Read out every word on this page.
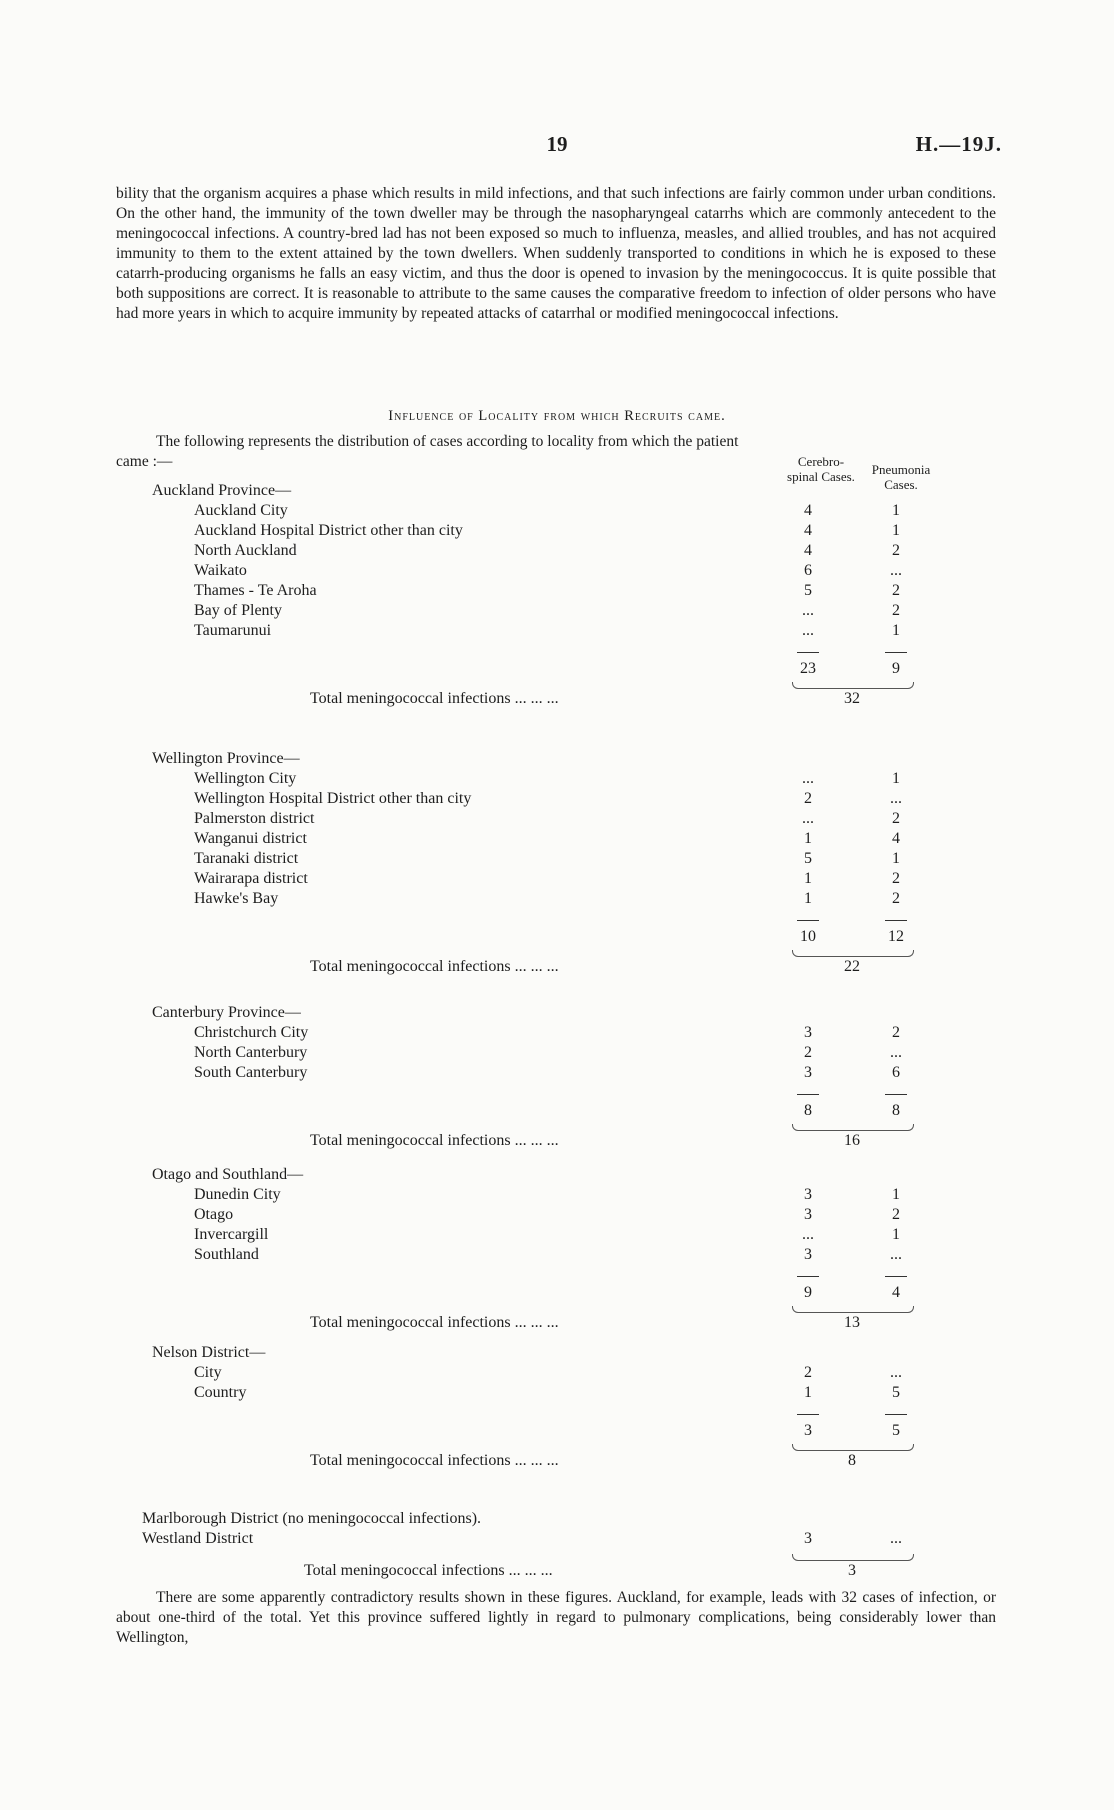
19	H.—19J.

bility that the organism acquires a phase which results in mild infections, and that such infections are fairly common under urban conditions. On the other hand, the immunity of the town dweller may be through the nasopharyngeal catarrhs which are commonly antecedent to the meningococcal infections. A country-bred lad has not been exposed so much to influenza, measles, and allied troubles, and has not acquired immunity to them to the extent attained by the town dwellers. When suddenly transported to conditions in which he is exposed to these catarrh-producing organisms he falls an easy victim, and thus the door is opened to invasion by the meningococcus. It is quite possible that both suppositions are correct. It is reasonable to attribute to the same causes the comparative freedom to infection of older persons who have had more years in which to acquire immunity by repeated attacks of catarrhal or modified meningococcal infections.

Influence of Locality from which Recruits came.
The following represents the distribution of cases according to locality from which the patient
came :—	Cerebro-spinal Cases.	Pneumonia Cases.
Auckland Province—
Auckland City	4	1
Auckland Hospital District other than city	4	1
North Auckland	4	2
Waikato	6	...
Thames - Te Aroha	5	2
Bay of Plenty	...	2
Taumarunui	...	1
23	9
Total meningococcal infections ... ... ...	32
Wellington Province—
Wellington City	...	1
Wellington Hospital District other than city	2	...
Palmerston district	...	2
Wanganui district	1	4
Taranaki district	5	1
Wairarapa district	1	2
Hawke's Bay	1	2
10	12
Total meningococcal infections ... ... ...	22
Canterbury Province—
Christchurch City	3	2
North Canterbury	2	...
South Canterbury	3	6
8	8
Total meningococcal infections ... ... ...	16
Otago and Southland—
Dunedin City	3	1
Otago	3	2
Invercargill	...	1
Southland	3	...
9	4
Total meningococcal infections ... ... ...	13
Nelson District—
City	2	...
Country	1	5
3	5
Total meningococcal infections ... ... ...	8
Westland District	3	...
Total meningococcal infections ... ... ...	3
Marlborough District (no meningococcal infections).

There are some apparently contradictory results shown in these figures. Auckland, for example, leads with 32 cases of infection, or about one-third of the total. Yet this province suffered lightly in regard to pulmonary complications, being considerably lower than Wellington,
